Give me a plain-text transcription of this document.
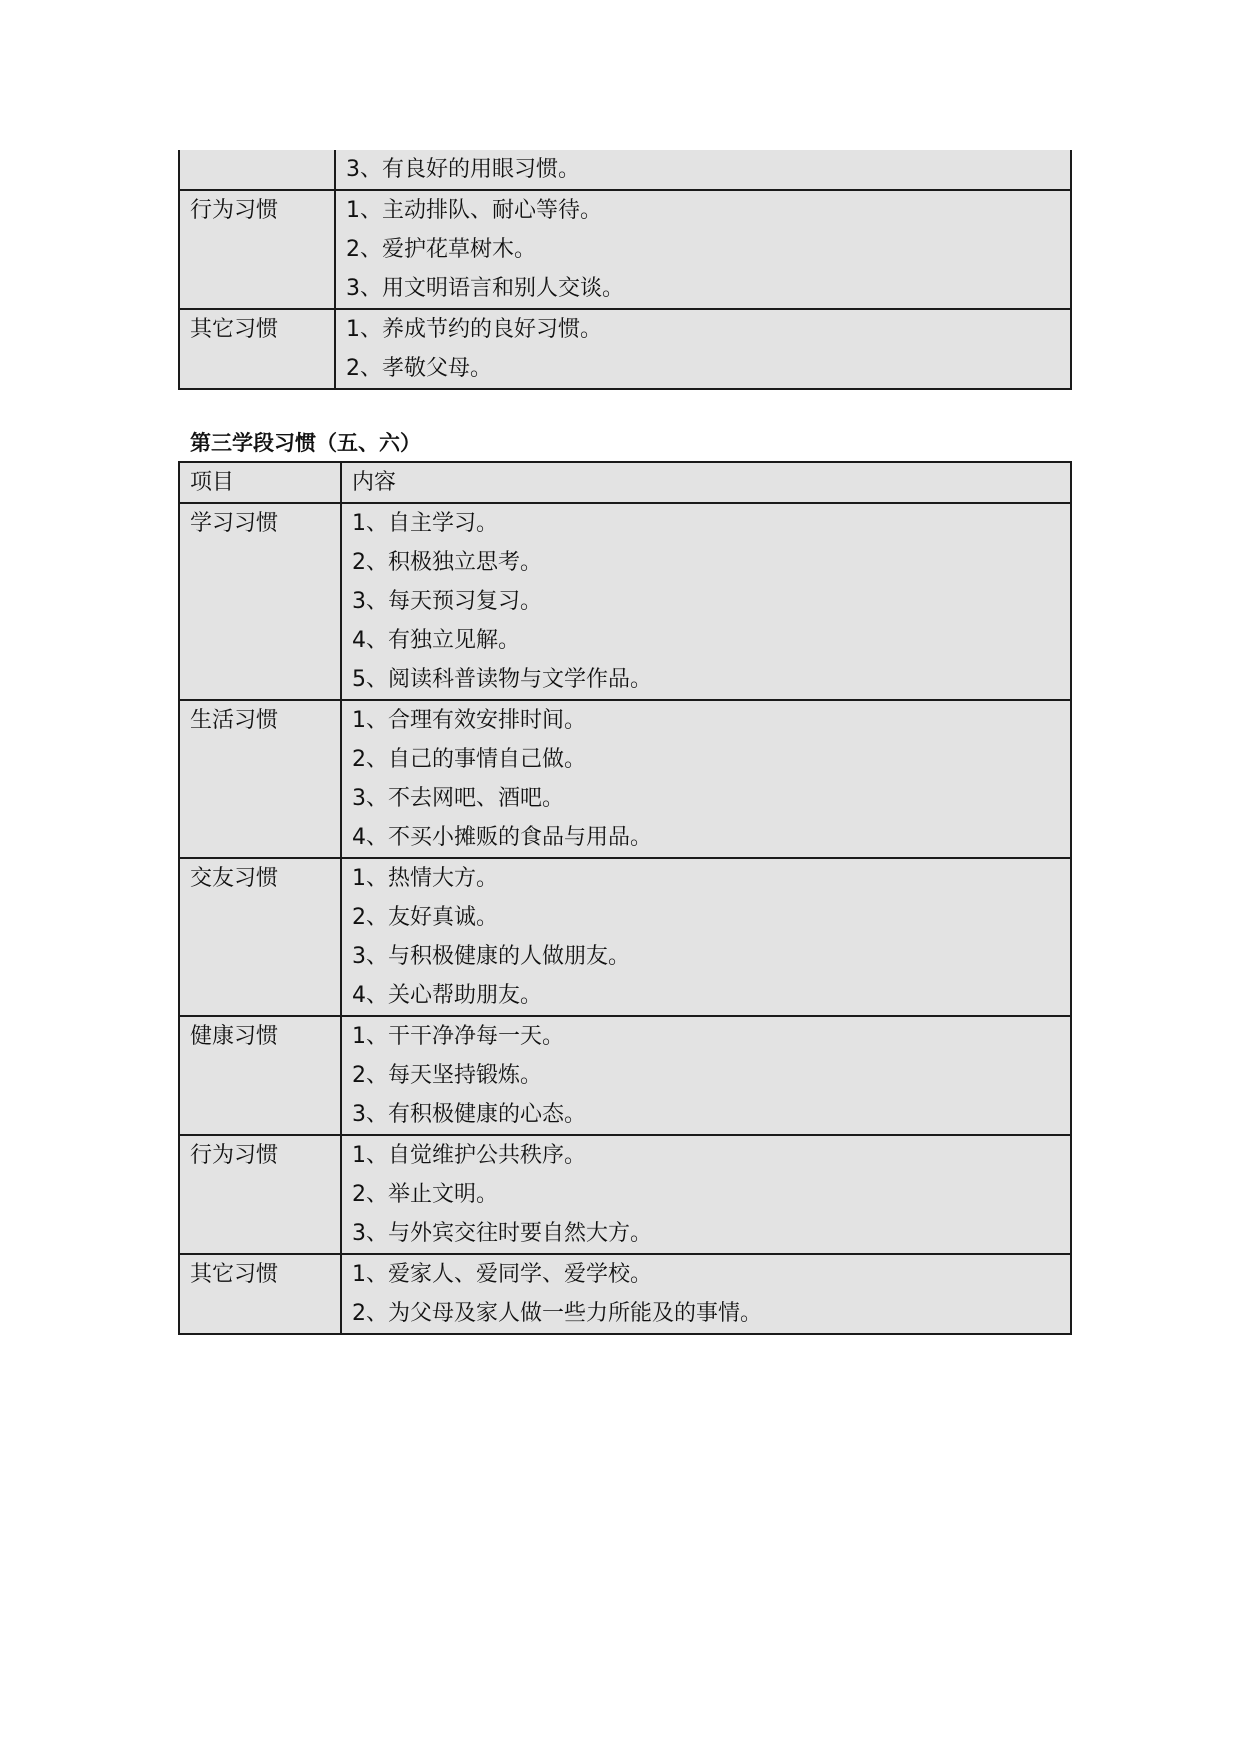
	3、有良好的用眼习惯。

行为习惯	1、主动排队、耐心等待。
2、爱护花草树木。
3、用文明语言和别人交谈。

其它习惯	1、养成节约的良好习惯。
2、孝敬父母。
第三学段习惯（五、六）
项目	内容

学习习惯	1、自主学习。
2、积极独立思考。
3、每天预习复习。
4、有独立见解。
5、阅读科普读物与文学作品。

生活习惯	1、合理有效安排时间。
2、自己的事情自己做。
3、不去网吧、酒吧。
4、不买小摊贩的食品与用品。

交友习惯	1、热情大方。
2、友好真诚。
3、与积极健康的人做朋友。
4、关心帮助朋友。

健康习惯	1、干干净净每一天。
2、每天坚持锻炼。
3、有积极健康的心态。

行为习惯	1、自觉维护公共秩序。
2、举止文明。
3、与外宾交往时要自然大方。

其它习惯	1、爱家人、爱同学、爱学校。
2、为父母及家人做一些力所能及的事情。
